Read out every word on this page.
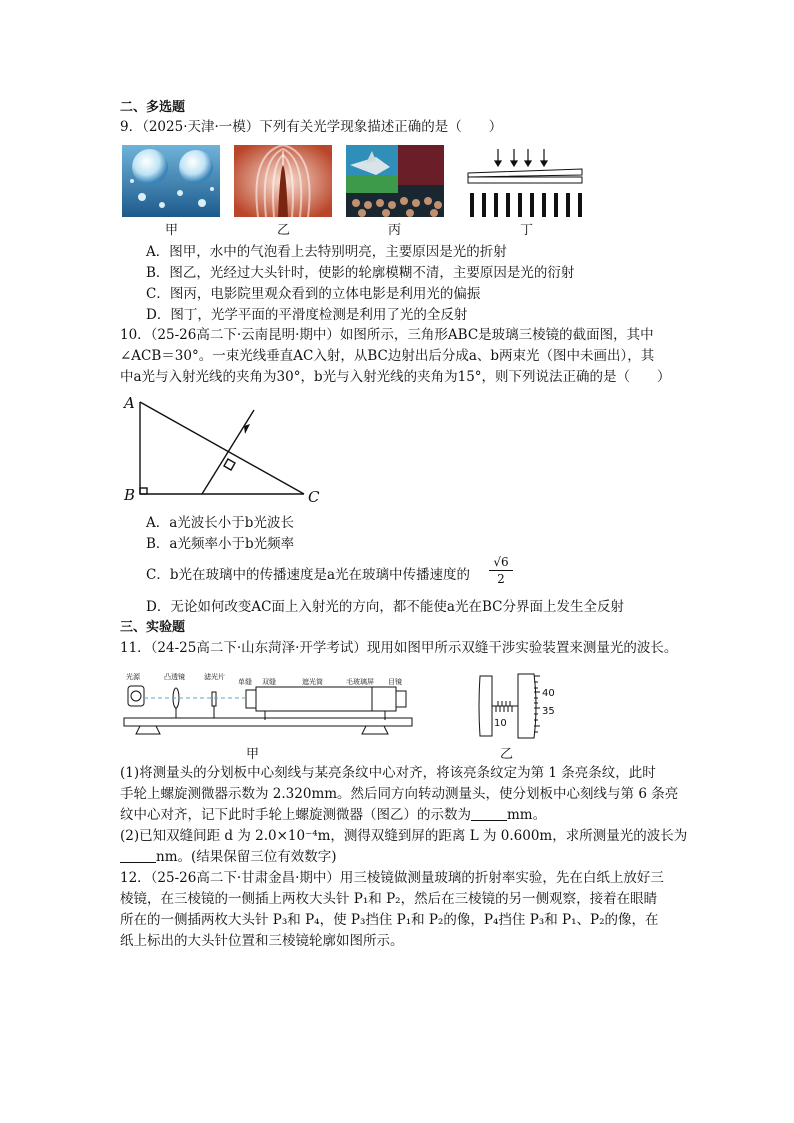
二、多选题
9．（2025·天津·一模）下列有关光学现象描述正确的是（　　）
甲	乙	丙	丁
A．图甲，水中的气泡看上去特别明亮，主要原因是光的折射
B．图乙，光经过大头针时，使影的轮廓模糊不清，主要原因是光的衍射
C．图丙，电影院里观众看到的立体电影是利用光的偏振
D．图丁，光学平面的平滑度检测是利用了光的全反射
10．（25-26高二下·云南昆明·期中）如图所示，三角形ABC是玻璃三棱镜的截面图，其中
∠ACB＝30°。一束光线垂直AC入射，从BC边射出后分成a、b两束光（图中未画出），其
中a光与入射光线的夹角为30°，b光与入射光线的夹角为15°，则下列说法正确的是（　　）
A
B	C
A．a光波长小于b光波长
B．a光频率小于b光频率
C．b光在玻璃中的传播速度是a光在玻璃中传播速度的 $\frac{√6}{2}$
D．无论如何改变AC面上入射光的方向，都不能使a光在BC分界面上发生全反射
三、实验题
11．（24-25高二下·山东菏泽·开学考试）现用如图甲所示双缝干涉实验装置来测量光的波长。
光源	凸透镜	滤光片
单缝 双缝	遮光筒	毛玻璃屏 目镜
甲
40
35
10
乙
(1)将测量头的分划板中心刻线与某亮条纹中心对齐，将该亮条纹定为第 1 条亮条纹，此时
手轮上螺旋测微器示数为 2.320mm。然后同方向转动测量头，使分划板中心刻线与第 6 条亮
纹中心对齐，记下此时手轮上螺旋测微器（图乙）的示数为	mm。
(2)已知双缝间距 d 为 2.0×10⁻⁴m，测得双缝到屏的距离 L 为 0.600m，求所测量光的波长为
nm。(结果保留三位有效数字)
12．（25-26高二下·甘肃金昌·期中）用三棱镜做测量玻璃的折射率实验，先在白纸上放好三
棱镜，在三棱镜的一侧插上两枚大头针 P₁和 P₂，然后在三棱镜的另一侧观察，接着在眼睛
所在的一侧插两枚大头针 P₃和 P₄，使 P₃挡住 P₁和 P₂的像，P₄挡住 P₃和 P₁、P₂的像，在
纸上标出的大头针位置和三棱镜轮廓如图所示。
